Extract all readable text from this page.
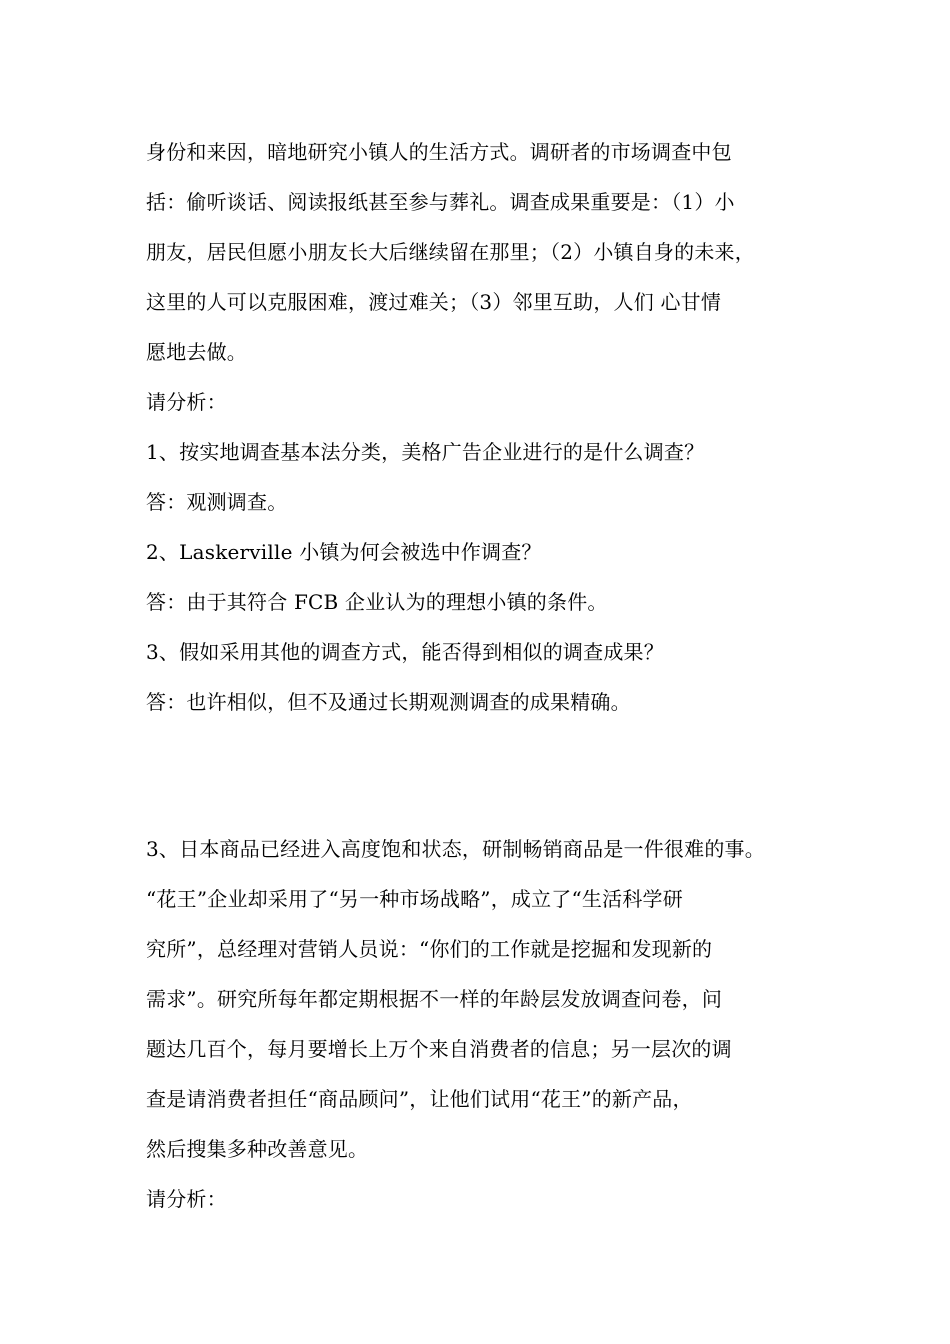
身份和来因，暗地研究小镇人的生活方式。调研者的市场调查中包
括：偷听谈话、阅读报纸甚至参与葬礼。调查成果重要是：（1）小
朋友，居民但愿小朋友长大后继续留在那里；（2）小镇自身的未来，
这里的人可以克服困难，渡过难关；（3）邻里互助，人们 心甘情
愿地去做。
请分析：
1、按实地调查基本法分类，美格广告企业进行的是什么调查？
答：观测调查。
2、Laskerville 小镇为何会被选中作调查？
答：由于其符合 FCB 企业认为的理想小镇的条件。
3、假如采用其他的调查方式，能否得到相似的调查成果？
答：也许相似，但不及通过长期观测调查的成果精确。
3、日本商品已经进入高度饱和状态，研制畅销商品是一件很难的事。
“花王”企业却采用了“另一种市场战略”，成立了“生活科学研
究所”，总经理对营销人员说：“你们的工作就是挖掘和发现新的
需求”。研究所每年都定期根据不一样的年龄层发放调查问卷，问
题达几百个，每月要增长上万个来自消费者的信息；另一层次的调
查是请消费者担任“商品顾问”，让他们试用“花王”的新产品，
然后搜集多种改善意见。
请分析：
